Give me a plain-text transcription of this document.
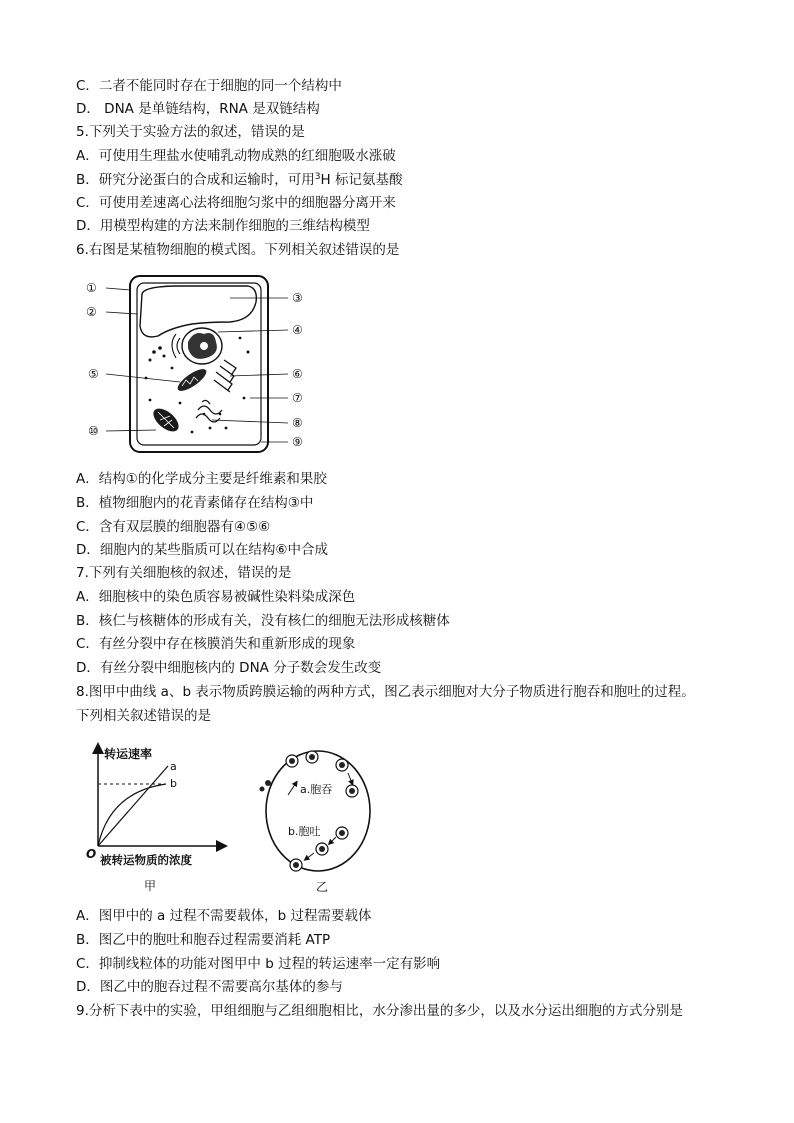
C．二者不能同时存在于细胞的同一个结构中
D． DNA 是单链结构，RNA 是双链结构
5.下列关于实验方法的叙述，错误的是
A．可使用生理盐水使哺乳动物成熟的红细胞吸水涨破
B．研究分泌蛋白的合成和运输时，可用$^3$H 标记氨基酸
C．可使用差速离心法将细胞匀浆中的细胞器分离开来
D．用模型构建的方法来制作细胞的三维结构模型
6.右图是某植物细胞的模式图。下列相关叙述错误的是
①
②
③
④
⑤	⑥
⑦
⑧
⑩
⑨
A．结构①的化学成分主要是纤维素和果胶
B．植物细胞内的花青素储存在结构③中
C．含有双层膜的细胞器有④⑤⑥
D．细胞内的某些脂质可以在结构⑥中合成
7.下列有关细胞核的叙述，错误的是
A．细胞核中的染色质容易被碱性染料染成深色
B．核仁与核糖体的形成有关，没有核仁的细胞无法形成核糖体
C．有丝分裂中存在核膜消失和重新形成的现象
D．有丝分裂中细胞核内的 DNA 分子数会发生改变
8.图甲中曲线 a、b 表示物质跨膜运输的两种方式，图乙表示细胞对大分子物质进行胞吞和胞吐的过程。
下列相关叙述错误的是
转运速率
a
b
O 被转运物质的浓度
甲
a.胞吞
b.胞吐
乙
A．图甲中的 a 过程不需要载体，b 过程需要载体
B．图乙中的胞吐和胞吞过程需要消耗 ATP
C．抑制线粒体的功能对图甲中 b 过程的转运速率一定有影响
D．图乙中的胞吞过程不需要高尔基体的参与
9.分析下表中的实验，甲组细胞与乙组细胞相比，水分渗出量的多少，以及水分运出细胞的方式分别是
